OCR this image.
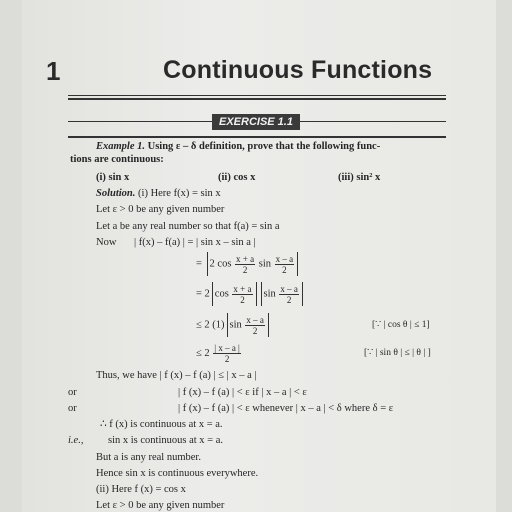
1	Continuous Functions
EXERCISE 1.1
Example 1. Using ε – δ definition, prove that the following func-
tions are continuous:
(i) sin x	(ii) cos x	(iii) sin² x
Solution. (i) Here f(x) = sin x
Let ε > 0 be any given number
Let a be any real number so that f(a) = sin a
Now | f(x) – f(a) | = | sin x – sin a |
= 2 $\cos \frac{x + a}{2}$ $\sin \frac{x - a}{2}$
= 2 $\cos \frac{x + a}{2}$ $\sin \frac{x - a}{2}$
≤ 2 (1) $\sin \frac{x - a}{2}$	[∵ | cos θ | ≤ 1]
≤ $2 \frac{| x - a |}{2}$	[∵ | sin θ | ≤ | θ | ]
Thus, we have | f (x) – f (a) | ≤ | x – a |
or	| f (x) – f (a) | < ε if | x – a | < ε
or	| f (x) – f (a) | < ε whenever | x – a | < δ where δ = ε
∴ f (x) is continuous at x = a.
i.e., sin x is continuous at x = a.
But a is any real number.
Hence sin x is continuous everywhere.
(ii) Here f (x) = cos x
Let ε > 0 be any given number
